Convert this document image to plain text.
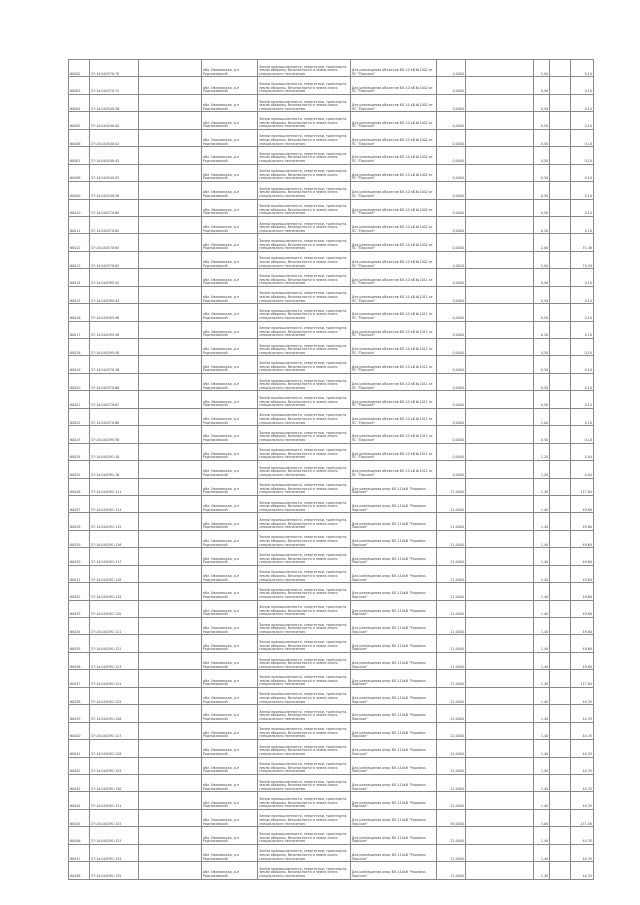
60002	37:14:040370:70		обл. Ивановская, р-н Родниковский	Земли промышленности, энергетики, транспорта, земли обороны, безопасности и земли иного специального назначения	Для размещения объектов ВЛ-10 кВ №1002 от ПС "Парское"	0,0004		2,00		0,10
60003	37:14:040370:72		обл. Ивановская, р-н Родниковский	Земли промышленности, энергетики, транспорта, земли обороны, безопасности и земли иного специального назначения	Для размещения объектов ВЛ-10 кВ №1002 от ПС "Парское"	0,0004		0,50		0,10
60004	37:14:040340:36		обл. Ивановская, р-н Родниковский	Земли промышленности, энергетики, транспорта, земли обороны, безопасности и земли иного специального назначения	Для размещения объектов ВЛ-10 кВ №1002 от ПС "Парское"	0,0004		0,50		0,10
60005	37:14:040340:40		обл. Ивановская, р-н Родниковский	Земли промышленности, энергетики, транспорта, земли обороны, безопасности и земли иного специального назначения	Для размещения объектов ВЛ-10 кВ №1002 от ПС "Парское"	0,0004		0,50		0,10
60006	37:14:040340:42		обл. Ивановская, р-н Родниковский	Земли промышленности, энергетики, транспорта, земли обороны, безопасности и земли иного специального назначения	Для размещения объектов ВЛ-10 кВ №1002 от ПС "Парское"	0,0004		0,50		0,10
60007	37:14:040340:43		обл. Ивановская, р-н Родниковский	Земли промышленности, энергетики, транспорта, земли обороны, безопасности и земли иного специального назначения	Для размещения объектов ВЛ-10 кВ №1002 от ПС "Парское"	0,0004		0,50		0,10
60008	37:14:040340:55		обл. Ивановская, р-н Родниковский	Земли промышленности, энергетики, транспорта, земли обороны, безопасности и земли иного специального назначения	Для размещения объектов ВЛ-10 кВ №1002 от ПС "Парское"	0,0004		0,50		0,10
60009	37:14:040340:56		обл. Ивановская, р-н Родниковский	Земли промышленности, энергетики, транспорта, земли обороны, безопасности и земли иного специального назначения	Для размещения объектов ВЛ-10 кВ №1002 от ПС "Парское"	0,0004		0,50		0,10
60010	37:14:040370:60		обл. Ивановская, р-н Родниковский	Земли промышленности, энергетики, транспорта, земли обороны, безопасности и земли иного специального назначения	Для размещения объектов ВЛ-10 кВ №1002 от ПС "Парское"	0,0004		0,50		0,10
60011	37:14:040370:62		обл. Ивановская, р-н Родниковский	Земли промышленности, энергетики, транспорта, земли обороны, безопасности и земли иного специального назначения	Для размещения объектов ВЛ-10 кВ №1002 от ПС "Парское"	0,0004		0,50		0,10
60012	37:14:040370:65		обл. Ивановская, р-н Родниковский	Земли промышленности, энергетики, транспорта, земли обороны, безопасности и земли иного специального назначения	Для размещения объектов ВЛ-10 кВ №1002 от ПС "Парское"	0,0004		2,00		71,36
60013	37:14:040370:63		обл. Ивановская, р-н Родниковский	Земли промышленности, энергетики, транспорта, земли обороны, безопасности и земли иного специального назначения	Для размещения объектов ВЛ-10 кВ №1002 от ПС "Парское"	0,0010		2,00		74,20
60014	37:14:040395:42		обл. Ивановская, р-н Родниковский	Земли промышленности, энергетики, транспорта, земли обороны, безопасности и земли иного специального назначения	Для размещения объектов ВЛ-10 кВ №1011 от ПС "Парское"	0,0004		0,50		0,10
60015	37:14:040395:44		обл. Ивановская, р-н Родниковский	Земли промышленности, энергетики, транспорта, земли обороны, безопасности и земли иного специального назначения	Для размещения объектов ВЛ-10 кВ №1011 от ПС "Парское"	0,0004		0,50		0,10
60016	37:14:040395:46		обл. Ивановская, р-н Родниковский	Земли промышленности, энергетики, транспорта, земли обороны, безопасности и земли иного специального назначения	Для размещения объектов ВЛ-10 кВ №1011 от ПС "Парское"	0,0004		0,50		0,10
60017	37:14:040395:48		обл. Ивановская, р-н Родниковский	Земли промышленности, энергетики, транспорта, земли обороны, безопасности и земли иного специального назначения	Для размещения объектов ВЛ-10 кВ №1011 от ПС "Парское"	0,0004		0,50		0,10
60018	37:14:040395:50		обл. Ивановская, р-н Родниковский	Земли промышленности, энергетики, транспорта, земли обороны, безопасности и земли иного специального назначения	Для размещения объектов ВЛ-10 кВ №1011 от ПС "Парское"	0,0004		0,50		0,10
60019	37:14:040370:36		обл. Ивановская, р-н Родниковский	Земли промышленности, энергетики, транспорта, земли обороны, безопасности и земли иного специального назначения	Для размещения объектов ВЛ-10 кВ №1011 от ПС "Парское"	0,0004		0,50		0,10
60020	37:14:040370:66		обл. Ивановская, р-н Родниковский	Земли промышленности, энергетики, транспорта, земли обороны, безопасности и земли иного специального назначения	Для размещения объектов ВЛ-10 кВ №1011 от ПС "Парское"	0,0004		0,50		0,10
60021	37:14:040370:67		обл. Ивановская, р-н Родниковский	Земли промышленности, энергетики, транспорта, земли обороны, безопасности и земли иного специального назначения	Для размещения объектов ВЛ-10 кВ №1011 от ПС "Парское"	0,0004		0,50		0,10
60022	37:14:040370:68		обл. Ивановская, р-н Родниковский	Земли промышленности, энергетики, транспорта, земли обороны, безопасности и земли иного специального назначения	Для размещения объектов ВЛ-10 кВ №1011 от ПС "Парское"	0,0004		2,00		0,10
60023	37:14:040395:36		обл. Ивановская, р-н Родниковский	Земли промышленности, энергетики, транспорта, земли обороны, безопасности и земли иного специального назначения	Для размещения объектов ВЛ-10 кВ №1011 от ПС "Парское"	0,0004		0,50		0,10
60024	37:14:040391:10		обл. Ивановская, р-н Родниковский	Земли промышленности, энергетики, транспорта, земли обороны, безопасности и земли иного специального назначения	Для размещения объектов ВЛ-10 кВ №1011 от ПС "Парское"	0,0004		1,20		0,04
60025	37:14:040391:16		обл. Ивановская, р-н Родниковский	Земли промышленности, энергетики, транспорта, земли обороны, безопасности и земли иного специального назначения	Для размещения объектов ВЛ-10 кВ №1011 от ПС "Парское"	0,0004		1,20		0,04
60026	37:14:040391:111		обл. Ивановская, р-н Родниковский	Земли промышленности, энергетики, транспорта, земли обороны, безопасности и земли иного специального назначения	Для размещения опор ВЛ-110кВ "Родники-Парское"	21,0004		1,40		117,84
60027	37:14:040391:114		обл. Ивановская, р-н Родниковский	Земли промышленности, энергетики, транспорта, земли обороны, безопасности и земли иного специального назначения	Для размещения опор ВЛ-110кВ "Родники-Парское"	21,0004		1,40		49,60
60028	37:14:040391:115		обл. Ивановская, р-н Родниковский	Земли промышленности, энергетики, транспорта, земли обороны, безопасности и земли иного специального назначения	Для размещения опор ВЛ-110кВ "Родники-Парское"	21,0004		1,40		49,60
60029	37:14:040391:116		обл. Ивановская, р-н Родниковский	Земли промышленности, энергетики, транспорта, земли обороны, безопасности и земли иного специального назначения	Для размещения опор ВЛ-110кВ "Родники-Парское"	21,0004		1,40		49,60
60030	37:14:040391:117		обл. Ивановская, р-н Родниковский	Земли промышленности, энергетики, транспорта, земли обороны, безопасности и земли иного специального назначения	Для размещения опор ВЛ-110кВ "Родники-Парское"	21,0004		1,40		49,60
60031	37:14:040391:118		обл. Ивановская, р-н Родниковский	Земли промышленности, энергетики, транспорта, земли обороны, безопасности и земли иного специального назначения	Для размещения опор ВЛ-110кВ "Родники-Парское"	21,0004		1,40		49,60
60032	37:14:040391:119		обл. Ивановская, р-н Родниковский	Земли промышленности, энергетики, транспорта, земли обороны, безопасности и земли иного специального назначения	Для размещения опор ВЛ-110кВ "Родники-Парское"	21,0004		1,40		49,60
60033	37:14:040391:120		обл. Ивановская, р-н Родниковский	Земли промышленности, энергетики, транспорта, земли обороны, безопасности и земли иного специального назначения	Для размещения опор ВЛ-110кВ "Родники-Парское"	21,0004		1,40		49,60
60034	37:14:040391:121		обл. Ивановская, р-н Родниковский	Земли промышленности, энергетики, транспорта, земли обороны, безопасности и земли иного специального назначения	Для размещения опор ВЛ-110кВ "Родники-Парское"	21,0004		1,40		49,60
60035	37:14:040391:122		обл. Ивановская, р-н Родниковский	Земли промышленности, энергетики, транспорта, земли обороны, безопасности и земли иного специального назначения	Для размещения опор ВЛ-110кВ "Родники-Парское"	21,0004		1,40		49,60
60036	37:14:040391:123		обл. Ивановская, р-н Родниковский	Земли промышленности, энергетики, транспорта, земли обороны, безопасности и земли иного специального назначения	Для размещения опор ВЛ-110кВ "Родники-Парское"	21,0004		1,40		49,60
60037	37:14:040391:124		обл. Ивановская, р-н Родниковский	Земли промышленности, энергетики, транспорта, земли обороны, безопасности и земли иного специального назначения	Для размещения опор ВЛ-110кВ "Родники-Парское"	21,0004		1,40		117,84
60038	37:14:040391:125		обл. Ивановская, р-н Родниковский	Земли промышленности, энергетики, транспорта, земли обороны, безопасности и земли иного специального назначения	Для размещения опор ВЛ-110кВ "Родники-Парское"	22,0004		1,40		44,35
60039	37:14:040391:126		обл. Ивановская, р-н Родниковский	Земли промышленности, энергетики, транспорта, земли обороны, безопасности и земли иного специального назначения	Для размещения опор ВЛ-110кВ "Родники-Парское"	22,0004		1,40		44,35
60040	37:14:040391:127		обл. Ивановская, р-н Родниковский	Земли промышленности, энергетики, транспорта, земли обороны, безопасности и земли иного специального назначения	Для размещения опор ВЛ-110кВ "Родники-Парское"	22,0004		1,40		44,35
60041	37:14:040391:128		обл. Ивановская, р-н Родниковский	Земли промышленности, энергетики, транспорта, земли обороны, безопасности и земли иного специального назначения	Для размещения опор ВЛ-110кВ "Родники-Парское"	22,0004		1,40		44,35
60042	37:14:040391:129		обл. Ивановская, р-н Родниковский	Земли промышленности, энергетики, транспорта, земли обороны, безопасности и земли иного специального назначения	Для размещения опор ВЛ-110кВ "Родники-Парское"	22,0004		1,40		44,35
60043	37:14:040391:130		обл. Ивановская, р-н Родниковский	Земли промышленности, энергетики, транспорта, земли обороны, безопасности и земли иного специального назначения	Для размещения опор ВЛ-110кВ "Родники-Парское"	22,0004		1,40		44,35
60044	37:14:040391:131		обл. Ивановская, р-н Родниковский	Земли промышленности, энергетики, транспорта, земли обороны, безопасности и земли иного специального назначения	Для размещения опор ВЛ-110кВ "Родники-Парское"	22,0004		1,40		44,35
60045	37:14:040391:132		обл. Ивановская, р-н Родниковский	Земли промышленности, энергетики, транспорта, земли обороны, безопасности и земли иного специального назначения	Для размещения опор ВЛ-110кВ "Родники-Парское"	30,0004		3,00		171,56
60046	37:14:040391:133		обл. Ивановская, р-н Родниковский	Земли промышленности, энергетики, транспорта, земли обороны, безопасности и земли иного специального назначения	Для размещения опор ВЛ-110кВ "Родники-Парское"	22,0004		1,40		44,35
60047	37:14:040391:134		обл. Ивановская, р-н Родниковский	Земли промышленности, энергетики, транспорта, земли обороны, безопасности и земли иного специального назначения	Для размещения опор ВЛ-110кВ "Родники-Парское"	22,0004		1,40		44,35
60048	37:14:040391:135		обл. Ивановская, р-н Родниковский	Земли промышленности, энергетики, транспорта, земли обороны, безопасности и земли иного специального назначения	Для размещения опор ВЛ-110кВ "Родники-Парское"	22,0004		1,40		44,35
